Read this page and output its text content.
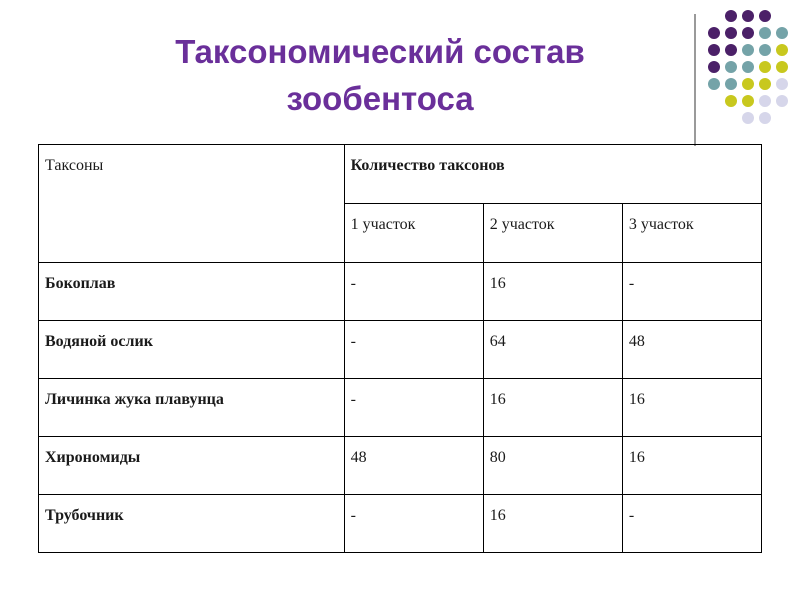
Таксономический состав
зообентоса
Таксоны	Количество таксонов		
	1 участок	2 участок	3 участок
Бокоплав	-	16	-
Водяной ослик	-	64	48
Личинка жука плавунца	-	16	16
Хирономиды	48	80	16
Трубочник	-	16	-
